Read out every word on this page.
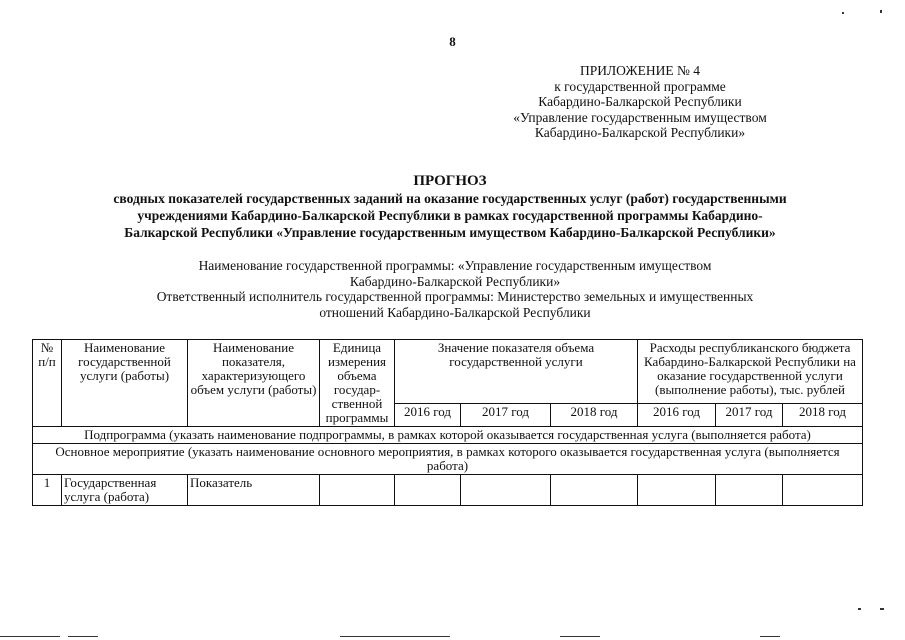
8
ПРИЛОЖЕНИЕ № 4
к государственной программе
Кабардино-Балкарской Республики
«Управление государственным имуществом
Кабардино-Балкарской Республики»
ПРОГНОЗ
сводных показателей государственных заданий на оказание государственных услуг (работ) государственными
учреждениями Кабардино-Балкарской Республики в рамках государственной программы Кабардино-
Балкарской Республики «Управление государственным имуществом Кабардино-Балкарской Республики»
Наименование государственной программы: «Управление государственным имуществом
Кабардино-Балкарской Республики»
Ответственный исполнитель государственной программы: Министерство земельных и имущественных
отношений Кабардино-Балкарской Республики
№ п/п	Наименование государственной услуги (работы)	Наименование показателя, характеризующего объем услуги (работы)	Единица измерения объема государ-ственной программы	Значение показателя объема государственной услуги			Расходы республиканского бюджета Кабардино-Балкарской Республики на оказание государственной услуги (выполнение работы), тыс. рублей		
				2016 год	2017 год	2018 год	2016 год	2017 год	2018 год
Подпрограмма (указать наименование подпрограммы, в рамках которой оказывается государственная услуга (выполняется работа)									
Основное мероприятие (указать наименование основного мероприятия, в рамках которого оказывается государственная услуга (выполняется работа)									
1	Государственная услуга (работа)	Показатель							
